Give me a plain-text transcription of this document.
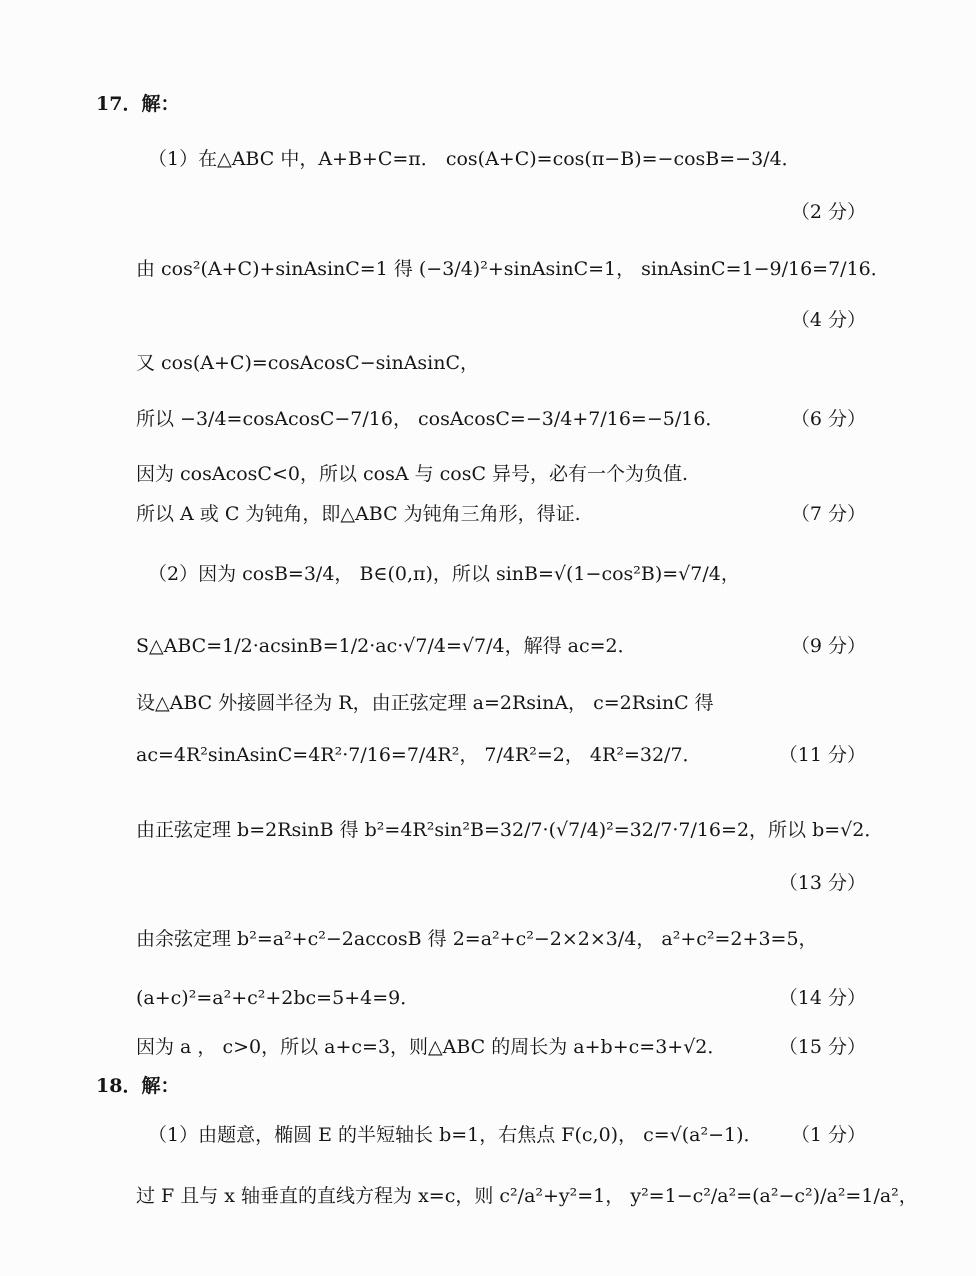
17．解：
（1）在△ABC 中，A+B+C=π． cos(A+C)=cos(π−B)=−cosB=−3/4．
（2 分）
由 cos²(A+C)+sinAsinC=1 得 (−3/4)²+sinAsinC=1， sinAsinC=1−9/16=7/16．
（4 分）
又 cos(A+C)=cosAcosC−sinAsinC，
所以 −3/4=cosAcosC−7/16， cosAcosC=−3/4+7/16=−5/16．	（6 分）
因为 cosAcosC<0，所以 cosA 与 cosC 异号，必有一个为负值.
所以 A 或 C 为钝角，即△ABC 为钝角三角形，得证.	（7 分）
（2）因为 cosB=3/4， B∈(0,π)，所以 sinB=√(1−cos²B)=√7/4，
S△ABC=1/2·acsinB=1/2·ac·√7/4=√7/4，解得 ac=2．	（9 分）
设△ABC 外接圆半径为 R，由正弦定理 a=2RsinA， c=2RsinC 得
ac=4R²sinAsinC=4R²·7/16=7/4R²， 7/4R²=2， 4R²=32/7．	（11 分）
由正弦定理 b=2RsinB 得 b²=4R²sin²B=32/7·(√7/4)²=32/7·7/16=2，所以 b=√2．
（13 分）
由余弦定理 b²=a²+c²−2accosB 得 2=a²+c²−2×2×3/4， a²+c²=2+3=5，
(a+c)²=a²+c²+2bc=5+4=9．	（14 分）
因为 a ， c>0，所以 a+c=3，则△ABC 的周长为 a+b+c=3+√2．	（15 分）
18．解：
（1）由题意，椭圆 E 的半短轴长 b=1，右焦点 F(c,0)， c=√(a²−1)． （1 分）
过 F 且与 x 轴垂直的直线方程为 x=c，则 c²/a²+y²=1， y²=1−c²/a²=(a²−c²)/a²=1/a²，
